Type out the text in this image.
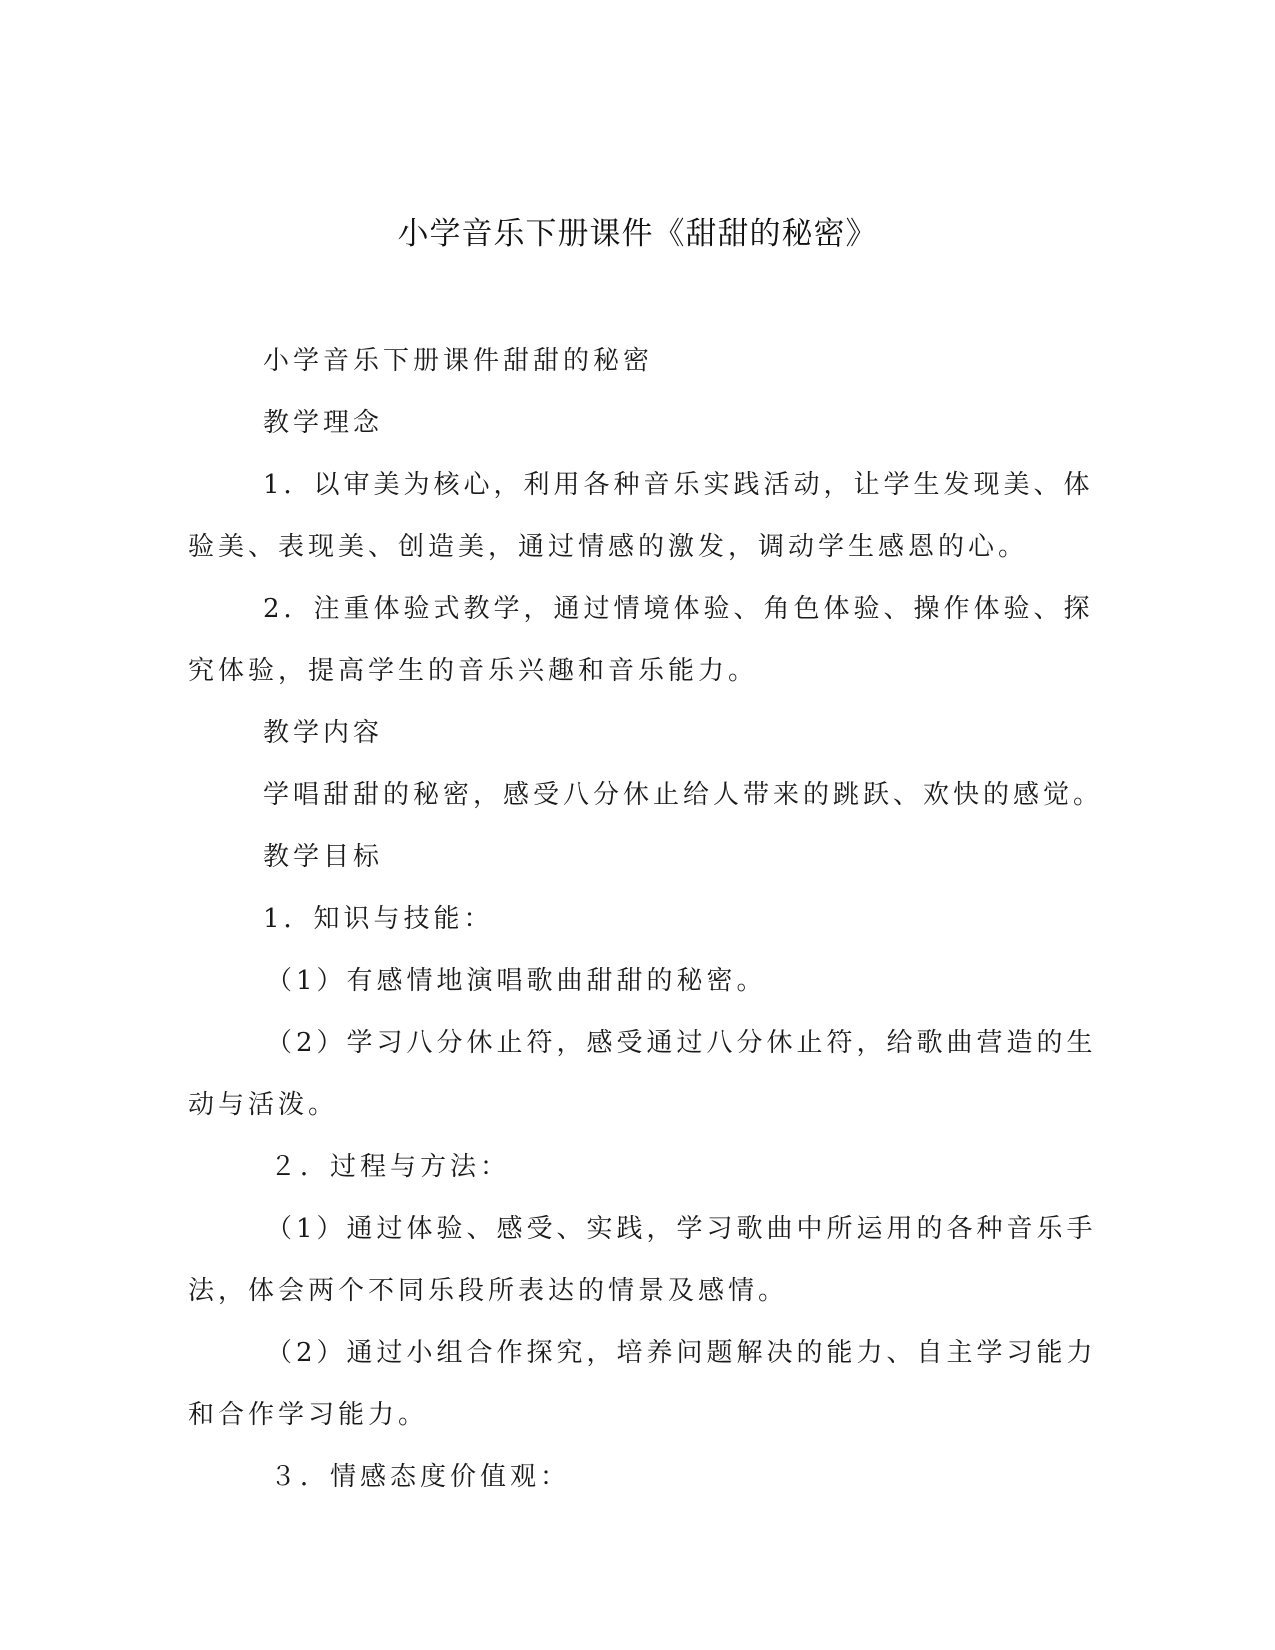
小学音乐下册课件《甜甜的秘密》

小学音乐下册课件甜甜的秘密

教学理念

1．以审美为核心，利用各种音乐实践活动，让学生发现美、体

验美、表现美、创造美，通过情感的激发，调动学生感恩的心。

2．注重体验式教学，通过情境体验、角色体验、操作体验、探

究体验，提高学生的音乐兴趣和音乐能力。

教学内容

学唱甜甜的秘密，感受八分休止给人带来的跳跃、欢快的感觉。

教学目标

1．知识与技能：

（1）有感情地演唱歌曲甜甜的秘密。

（2）学习八分休止符，感受通过八分休止符，给歌曲营造的生

动与活泼。

２．过程与方法：

（1）通过体验、感受、实践，学习歌曲中所运用的各种音乐手

法，体会两个不同乐段所表达的情景及感情。

（2）通过小组合作探究，培养问题解决的能力、自主学习能力

和合作学习能力。

３．情感态度价值观：
